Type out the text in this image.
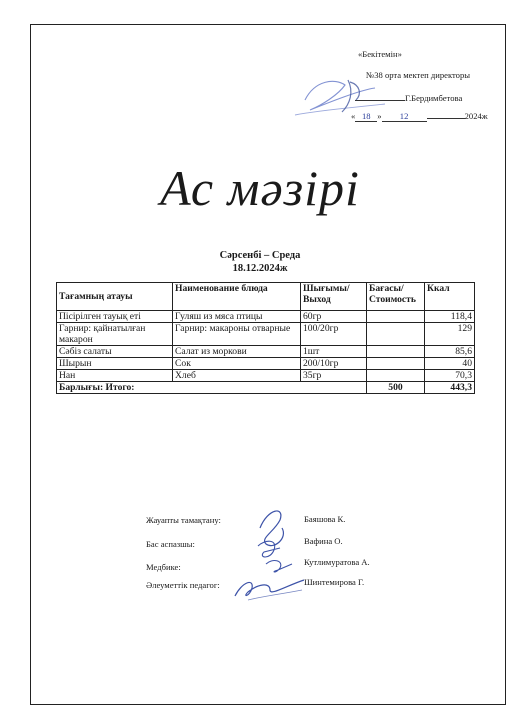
«Бекітемін»
№38 орта мектеп директоры
Г.Бердимбетова
« 18 » 12	2024ж
Ас мәзірі
Сәрсенбі – Среда
18.12.2024ж
Тағамның атауы	Наименование блюда	Шығымы/ Выход	Бағасы/ Стоимость	Ккал
Пісірілген тауық еті	Гуляш из мяса птицы	60гр		118,4
Гарнир: қайнатылған макарон	Гарнир: макароны отварные	100/20гр		129
Сәбіз салаты	Салат из моркови	1шт		85,6
Шырын	Сок	200/10гр		40
Нан	Хлеб	35гр		70,3
Барлығы: Итого:			500	443,3
Жауапты тамақтану:	Баяшова К.
Бас аспазшы:	Вафина О.
Медбике:	Кутлимуратова А.
Әлеуметтік педагог:	Шинтемирова Г.
